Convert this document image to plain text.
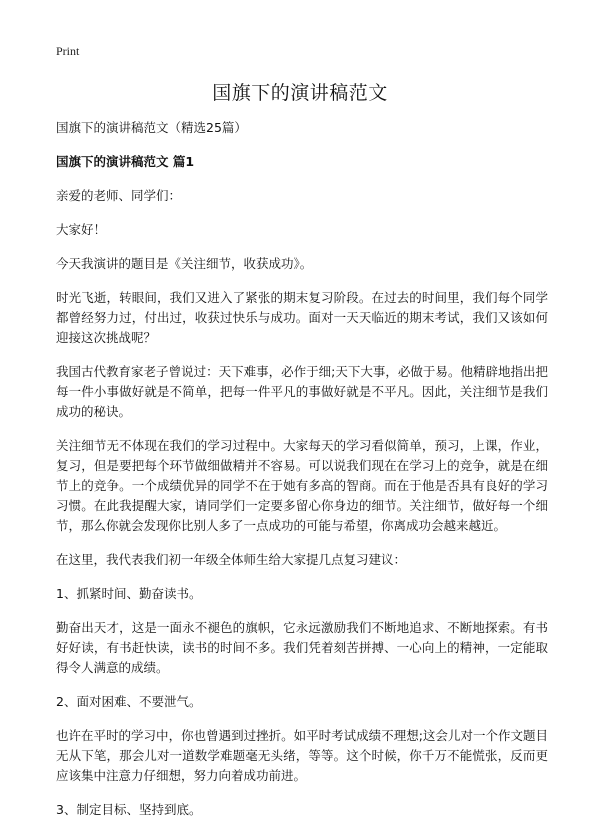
Print
国旗下的演讲稿范文

国旗下的演讲稿范文（精选25篇）

国旗下的演讲稿范文 篇1

亲爱的老师、同学们：

大家好！

今天我演讲的题目是《关注细节，收获成功》。

时光飞逝，转眼间，我们又进入了紧张的期末复习阶段。在过去的时间里，我们每个同学都曾经努力过，付出过，收获过快乐与成功。面对一天天临近的期末考试，我们又该如何迎接这次挑战呢？

我国古代教育家老子曾说过：天下难事，必作于细;天下大事，必做于易。他精辟地指出把每一件小事做好就是不简单，把每一件平凡的事做好就是不平凡。因此，关注细节是我们成功的秘诀。

关注细节无不体现在我们的学习过程中。大家每天的学习看似简单，预习，上课，作业，复习，但是要把每个环节做细做精并不容易。可以说我们现在在学习上的竞争，就是在细节上的竞争。一个成绩优异的同学不在于她有多高的智商。而在于他是否具有良好的学习习惯。在此我提醒大家，请同学们一定要多留心你身边的细节。关注细节，做好每一个细节，那么你就会发现你比别人多了一点成功的可能与希望，你离成功会越来越近。

在这里，我代表我们初一年级全体师生给大家提几点复习建议：

1、抓紧时间、勤奋读书。

勤奋出天才，这是一面永不褪色的旗帜，它永远激励我们不断地追求、不断地探索。有书好好读，有书赶快读，读书的时间不多。我们凭着刻苦拼搏、一心向上的精神，一定能取得令人满意的成绩。

2、面对困难、不要泄气。

也许在平时的学习中，你也曾遇到过挫折。如平时考试成绩不理想;这会儿对一个作文题目无从下笔，那会儿对一道数学难题毫无头绪，等等。这个时候，你千万不能慌张，反而更应该集中注意力仔细想，努力向着成功前进。

3、制定目标、坚持到底。
